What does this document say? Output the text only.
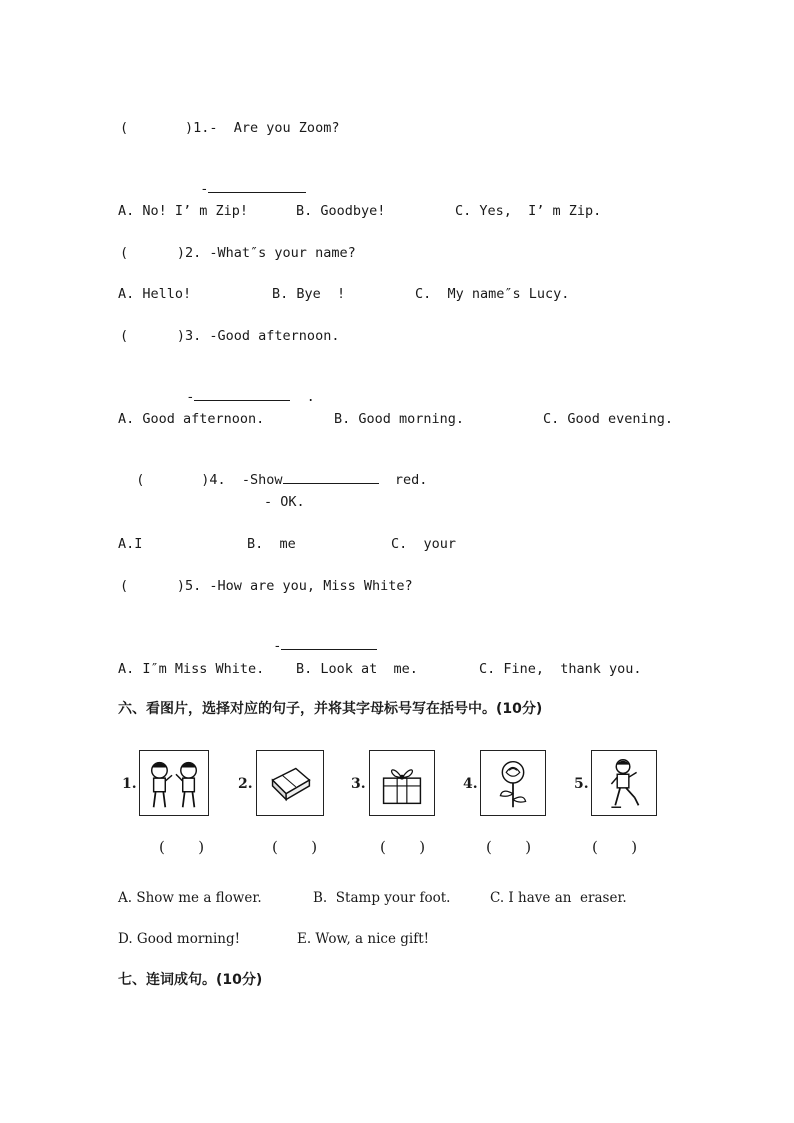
(       )1.-  Are you Zoom?

-

A. No! I’ m Zip!	B. Goodbye!	C. Yes,  I’ m Zip.
(      )2. -What″s your name?
A. Hello!	B. Bye  !	C.  My name″s Lucy.
(      )3. -Good afternoon.

-	.

A. Good afternoon.	B. Good morning.	C. Good evening.

(       )4.  -Show	red.

- OK.
A.I	B.  me	C.  your
(      )5. -How are you, Miss White?

-

A. I″m Miss White. B. Look at  me.	C. Fine,  thank you.
六、看图片，选择对应的句子，并将其字母标号写在括号中。(10分)
1.	2.	3.	4.	5.
(       )	(       )	(       )	(       )	(       )
A. Show me a flower.	B.  Stamp your foot.	C. I have an  eraser.
D. Good morning!	E. Wow, a nice gift!
七、连词成句。(10分)
